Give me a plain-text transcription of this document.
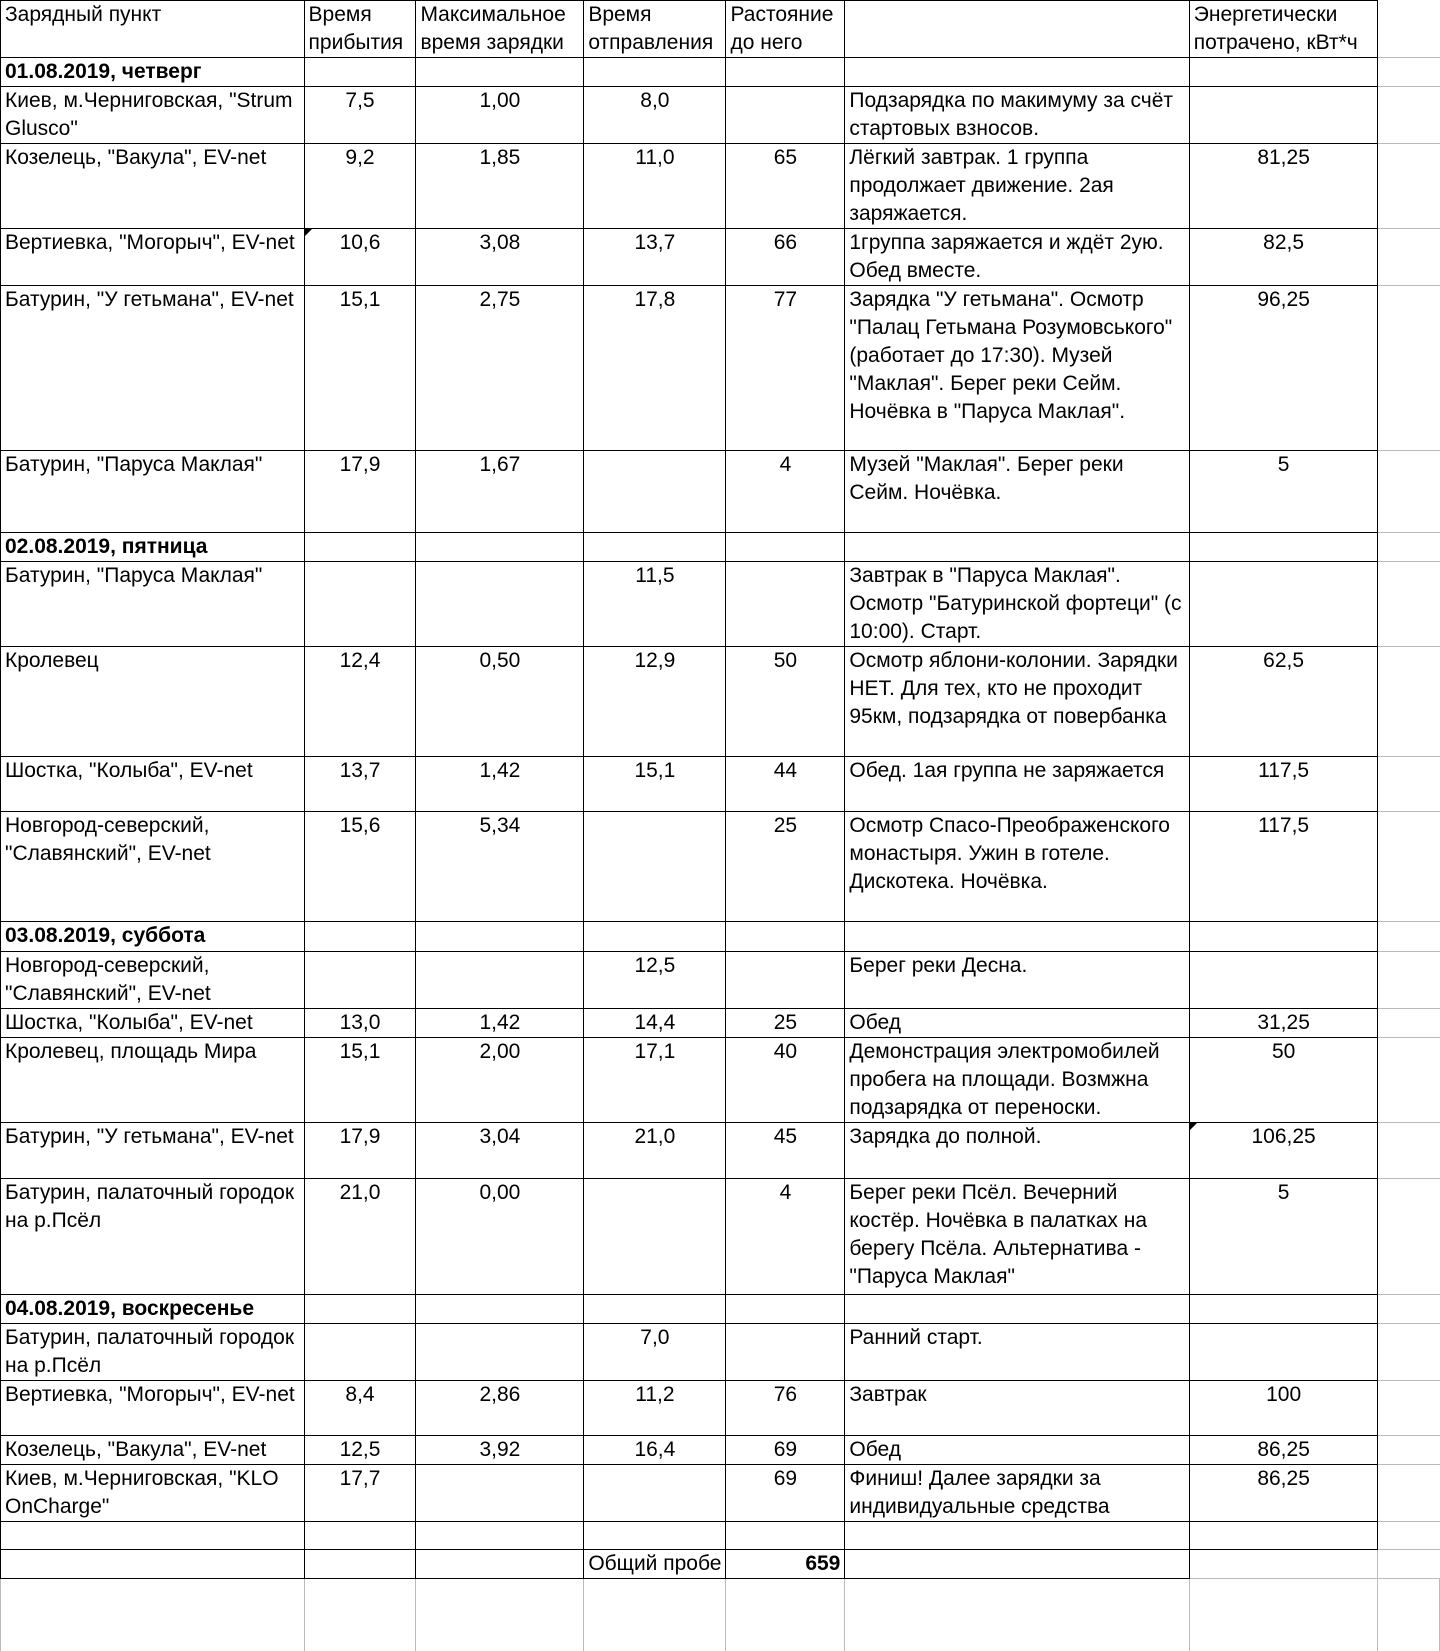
Зарядный пункт	Время прибытия	Максимальное время зарядки	Время отправления	Растояние до него		Энергетически потрачено, кВт*ч	
01.08.2019, четверг							
Киев, м.Черниговская, "Strum Glusco"	7,5	1,00	8,0		Подзарядка по макимуму за счёт стартовых взносов.		
Козелець, "Вакула", EV-net	9,2	1,85	11,0	65	Лёгкий завтрак. 1 группа продолжает движение. 2ая заряжается.	81,25	
Вертиевка, "Могорыч", EV-net	10,6	3,08	13,7	66	1группа заряжается и ждёт 2ую. Обед вместе.	82,5	
Батурин, "У гетьмана", EV-net	15,1	2,75	17,8	77	Зарядка "У гетьмана". Осмотр "Палац Гетьмана Розумовського" (работает до 17:30). Музей "Маклая". Берег реки Сейм. Ночёвка в "Паруса Маклая".	96,25	
Батурин, "Паруса Маклая"	17,9	1,67		4	Музей "Маклая". Берег реки Сейм. Ночёвка.	5	
02.08.2019, пятница							
Батурин, "Паруса Маклая"			11,5		Завтрак в "Паруса Маклая". Осмотр "Батуринской фортеци" (с 10:00). Старт.		
Кролевец	12,4	0,50	12,9	50	Осмотр яблони-колонии. Зарядки НЕТ. Для тех, кто не проходит 95км, подзарядка от повербанка	62,5	
Шостка, "Колыба", EV-net	13,7	1,42	15,1	44	Обед. 1ая группа не заряжается	117,5	
Новгород-северский, "Славянский", EV-net	15,6	5,34		25	Осмотр Спасо-Преображенского монастыря. Ужин в готеле. Дискотека. Ночёвка.	117,5	
03.08.2019, суббота							
Новгород-северский, "Славянский", EV-net			12,5		Берег реки Десна.		
Шостка, "Колыба", EV-net	13,0	1,42	14,4	25	Обед	31,25	
Кролевец, площадь Мира	15,1	2,00	17,1	40	Демонстрация электромобилей пробега на площади. Возмжна подзарядка от переноски.	50	
Батурин, "У гетьмана", EV-net	17,9	3,04	21,0	45	Зарядка до полной.	106,25	
Батурин, палаточный городок на р.Псёл	21,0	0,00		4	Берег реки Псёл. Вечерний костёр. Ночёвка в палатках на берегу Псёла. Альтернатива - "Паруса Маклая"	5	
04.08.2019, воскресенье							
Батурин, палаточный городок на р.Псёл			7,0		Ранний старт.		
Вертиевка, "Могорыч", EV-net	8,4	2,86	11,2	76	Завтрак	100	
Козелець, "Вакула", EV-net	12,5	3,92	16,4	69	Обед	86,25	
Киев, м.Черниговская, "KLO OnCharge"	17,7			69	Финиш! Далее зарядки за индивидуальные средства	86,25	

			Общий пробе	659			
